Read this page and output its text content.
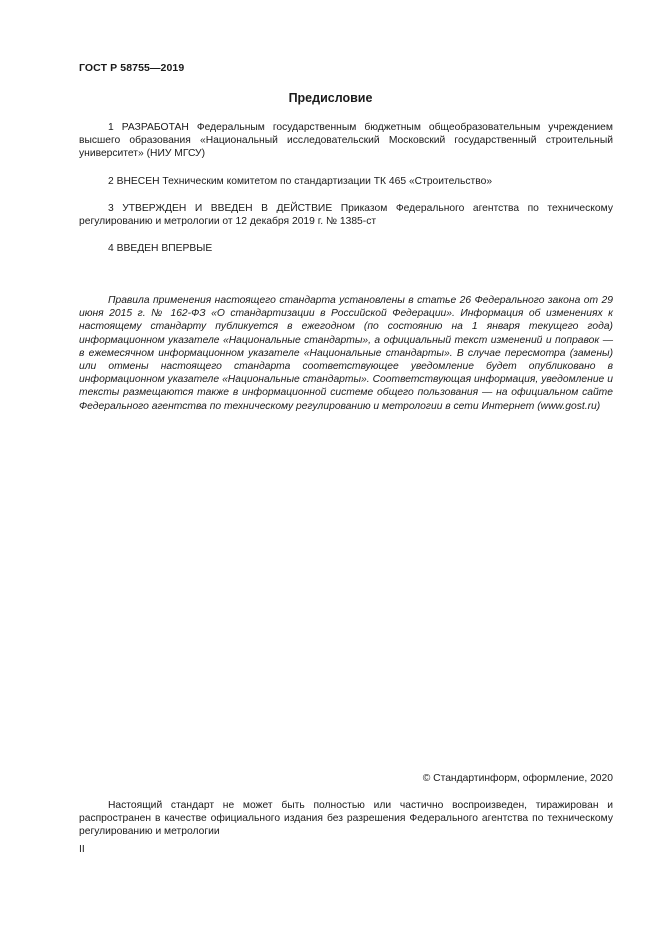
ГОСТ Р 58755—2019
Предисловие

1 РАЗРАБОТАН Федеральным государственным бюджетным общеобразовательным учреждением высшего образования «Национальный исследовательский Московский государственный строительный университет» (НИУ МГСУ)

2 ВНЕСЕН Техническим комитетом по стандартизации ТК 465 «Строительство»

3 УТВЕРЖДЕН И ВВЕДЕН В ДЕЙСТВИЕ Приказом Федерального агентства по техническому регулированию и метрологии от 12 декабря 2019 г. № 1385-ст

4 ВВЕДЕН ВПЕРВЫЕ

Правила применения настоящего стандарта установлены в статье 26 Федерального закона от 29 июня 2015 г. № 162-ФЗ «О стандартизации в Российской Федерации». Информация об изменениях к настоящему стандарту публикуется в ежегодном (по состоянию на 1 января текущего года) информационном указателе «Национальные стандарты», а официальный текст изменений и поправок — в ежемесячном информационном указателе «Национальные стандарты». В случае пересмотра (замены) или отмены настоящего стандарта соответствующее уведомление будет опубликовано в информационном указателе «Национальные стандарты». Соответствующая информация, уведомление и тексты размещаются также в информационной системе общего пользования — на официальном сайте Федерального агентства по техническому регулированию и метрологии в сети Интернет (www.gost.ru)

© Стандартинформ, оформление, 2020

Настоящий стандарт не может быть полностью или частично воспроизведен, тиражирован и распространен в качестве официального издания без разрешения Федерального агентства по техническому регулированию и метрологии

II
